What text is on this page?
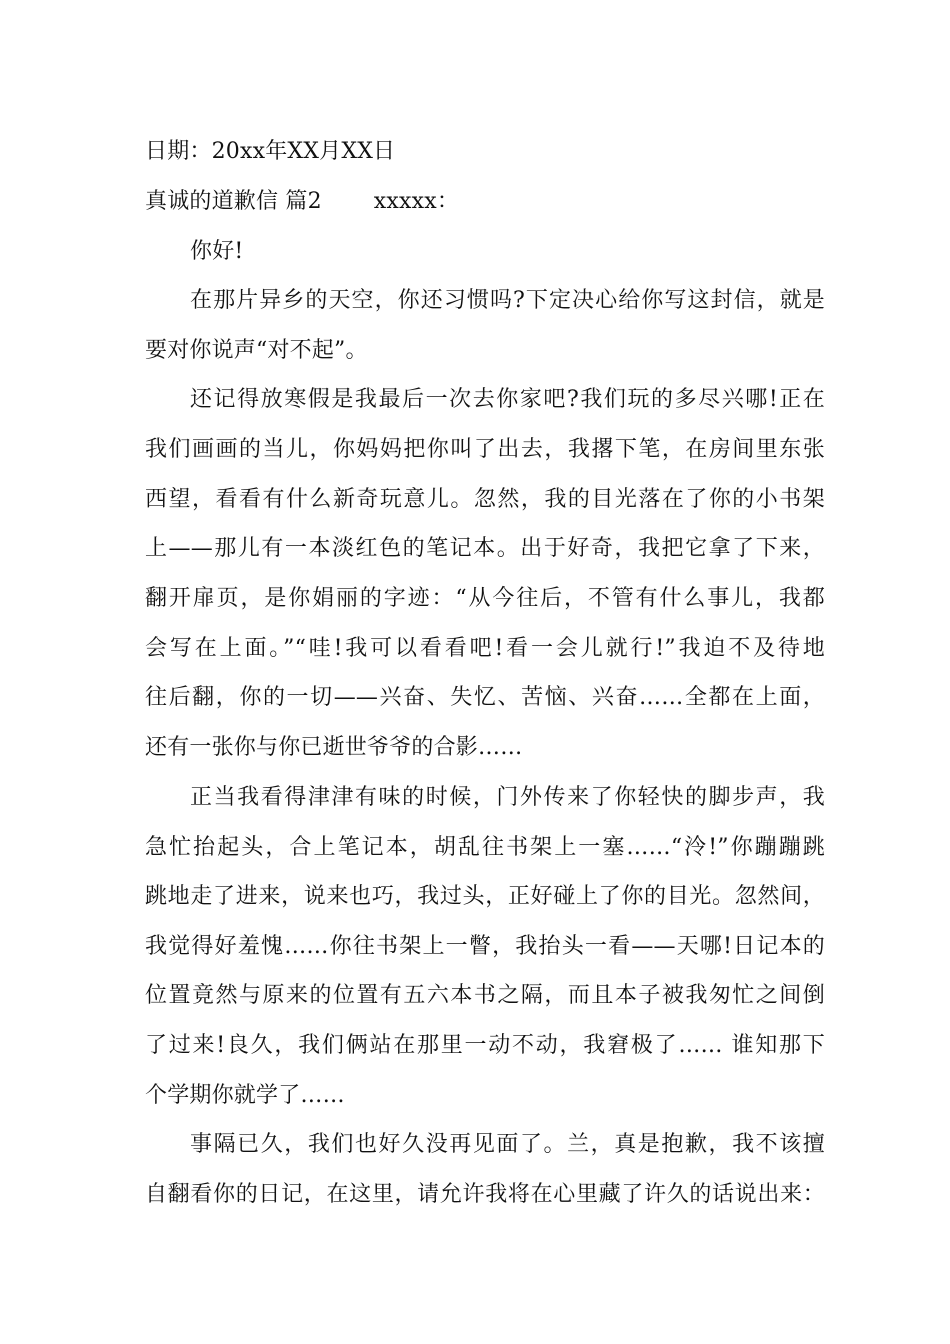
日期：20xx年XX月XX日
真诚的道歉信 篇2 xxxxx：
你好!
在那片异乡的天空，你还习惯吗?下定决心给你写这封信，就是
要对你说声“对不起”。
还记得放寒假是我最后一次去你家吧?我们玩的多尽兴哪!正在
我们画画的当儿，你妈妈把你叫了出去，我撂下笔，在房间里东张
西望，看看有什么新奇玩意儿。忽然，我的目光落在了你的小书架
上——那儿有一本淡红色的笔记本。出于好奇，我把它拿了下来，
翻开扉页，是你娟丽的字迹：“从今往后，不管有什么事儿，我都
会写在上面。”“哇!我可以看看吧!看一会儿就行!”我迫不及待地
往后翻，你的一切——兴奋、失忆、苦恼、兴奋……全都在上面，
还有一张你与你已逝世爷爷的合影……
正当我看得津津有味的时候，门外传来了你轻快的脚步声，我
急忙抬起头，合上笔记本，胡乱往书架上一塞……“泠!”你蹦蹦跳
跳地走了进来，说来也巧，我过头，正好碰上了你的目光。忽然间，
我觉得好羞愧……你往书架上一瞥，我抬头一看——天哪!日记本的
位置竟然与原来的位置有五六本书之隔，而且本子被我匆忙之间倒
了过来!良久，我们俩站在那里一动不动，我窘极了…… 谁知那下
个学期你就学了……
事隔已久，我们也好久没再见面了。兰，真是抱歉，我不该擅
自翻看你的日记，在这里，请允许我将在心里藏了许久的话说出来：
